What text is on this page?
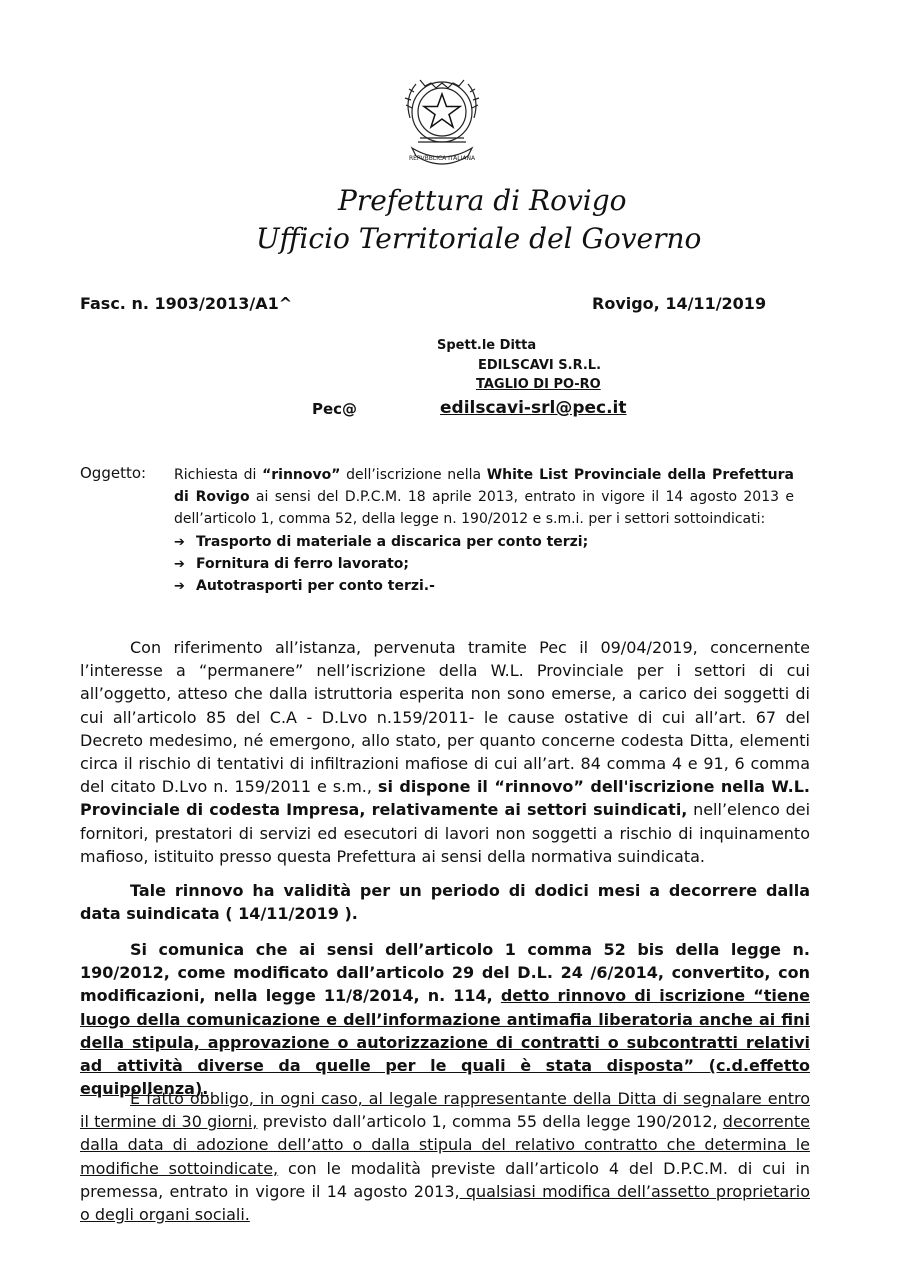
REPVBBLICA ITALIANA
Prefettura di Rovigo
Ufficio Territoriale del Governo
Fasc. n. 1903/2013/A1^	Rovigo, 14/11/2019
Spett.le Ditta
EDILSCAVI S.R.L.
TAGLIO DI PO-RO
Pec@	edilscavi-srl@pec.it
Oggetto: Richiesta di “rinnovo” dell’iscrizione nella White List Provinciale della Prefettura di Rovigo ai sensi del D.P.C.M. 18 aprile 2013, entrato in vigore il 14 agosto 2013 e dell’articolo 1, comma 52, della legge n. 190/2012 e s.m.i. per i settori sottoindicati:
➔ Trasporto di materiale a discarica per conto terzi;
➔ Fornitura di ferro lavorato;
➔ Autotrasporti per conto terzi.-

Con riferimento all’istanza, pervenuta tramite Pec il 09/04/2019, concernente l’interesse a “permanere” nell’iscrizione della W.L. Provinciale per i settori di cui all’oggetto, atteso che dalla istruttoria esperita non sono emerse, a carico dei soggetti di cui all’articolo 85 del C.A - D.Lvo n.159/2011- le cause ostative di cui all’art. 67 del Decreto medesimo, né emergono, allo stato, per quanto concerne codesta Ditta, elementi circa il rischio di tentativi di infiltrazioni mafiose di cui all’art. 84 comma 4 e 91, 6 comma del citato D.Lvo n. 159/2011 e s.m., si dispone il “rinnovo” dell'iscrizione nella W.L. Provinciale di codesta Impresa, relativamente ai settori suindicati, nell’elenco dei fornitori, prestatori di servizi ed esecutori di lavori non soggetti a rischio di inquinamento mafioso, istituito presso questa Prefettura ai sensi della normativa suindicata.

Tale rinnovo ha validità per un periodo di dodici mesi a decorrere dalla data suindicata ( 14/11/2019 ).

Si comunica che ai sensi dell’articolo 1 comma 52 bis della legge n. 190/2012, come modificato dall’articolo 29 del D.L. 24 /6/2014, convertito, con modificazioni, nella legge 11/8/2014, n. 114, detto rinnovo di iscrizione “tiene luogo della comunicazione e dell’informazione antimafia liberatoria anche ai fini della stipula, approvazione o autorizzazione di contratti o subcontratti relativi ad attività diverse da quelle per le quali è stata disposta” (c.d.effetto equipollenza).

È fatto obbligo, in ogni caso, al legale rappresentante della Ditta di segnalare entro il termine di 30 giorni, previsto dall’articolo 1, comma 55 della legge 190/2012, decorrente dalla data di adozione dell’atto o dalla stipula del relativo contratto che determina le modifiche sottoindicate, con le modalità previste dall’articolo 4 del D.P.C.M. di cui in premessa, entrato in vigore il 14 agosto 2013, qualsiasi modifica dell’assetto proprietario o degli organi sociali.
